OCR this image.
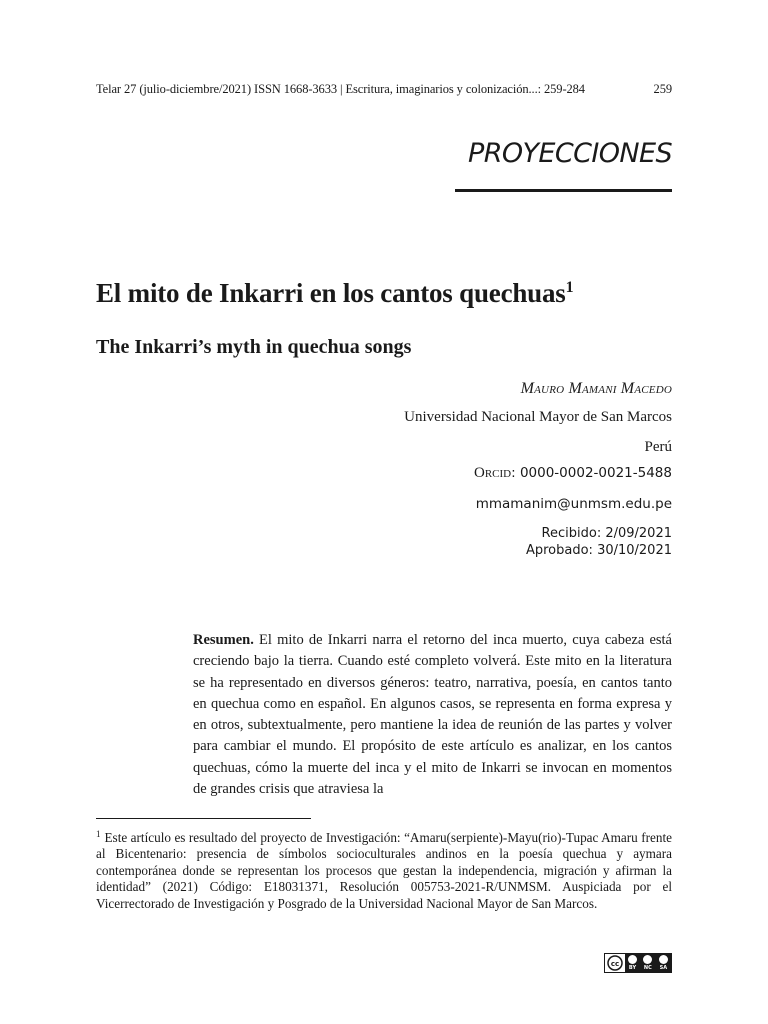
Telar 27 (julio-diciembre/2021) ISSN 1668-3633 | Escritura, imaginarios y colonización...: 259-284	259
PROYECCIONES
El mito de Inkarri en los cantos quechuas$^1$
The Inkarri’s myth in quechua songs
Mauro Mamani Macedo
Universidad Nacional Mayor de San Marcos
Perú
Orcid: 0000-0002-0021-5488
mmamanim@unmsm.edu.pe
Recibido: 2/09/2021
Aprobado: 30/10/2021
Resumen. El mito de Inkarri narra el retorno del inca muerto, cuya cabeza está creciendo bajo la tierra. Cuando esté completo volverá. Este mito en la literatura se ha representado en diversos géneros: teatro, narrativa, poesía, en cantos tanto en quechua como en español. En algunos casos, se representa en forma expresa y en otros, subtextualmente, pero mantiene la idea de reunión de las partes y volver para cambiar el mundo. El propósito de este artículo es analizar, en los cantos quechuas, cómo la muerte del inca y el mito de Inkarri se invocan en momentos de grandes crisis que atraviesa la
$^1$ Este artículo es resultado del proyecto de Investigación: “Amaru(serpiente)-Mayu(rio)-Tupac Amaru frente al Bicentenario: presencia de símbolos socioculturales andinos en la poesía quechua y aymara contemporánea donde se representan los procesos que gestan la independencia, migración y afirman la identidad” (2021) Código: E18031371, Resolución 005753-2021-R/UNMSM. Auspiciada por el Vicerrectorado de Investigación y Posgrado de la Universidad Nacional Mayor de San Marcos.
cc BY NC SA
